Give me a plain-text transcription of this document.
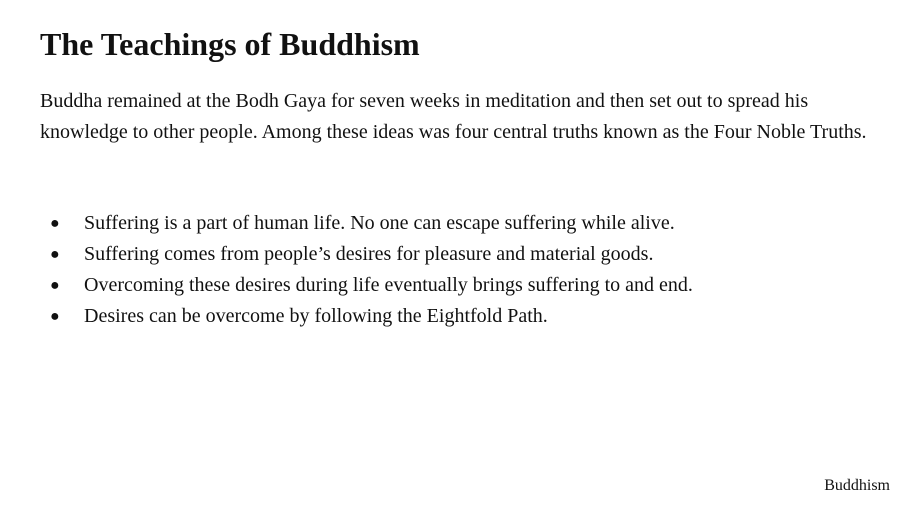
The Teachings of Buddhism

Buddha remained at the Bodh Gaya for seven weeks in meditation and then set out to spread his knowledge to other people. Among these ideas was four central truths known as the Four Noble Truths.

● Suffering is a part of human life. No one can escape suffering while alive.
● Suffering comes from people’s desires for pleasure and material goods.
● Overcoming these desires during life eventually brings suffering to and end.
● Desires can be overcome by following the Eightfold Path.
Buddhism
